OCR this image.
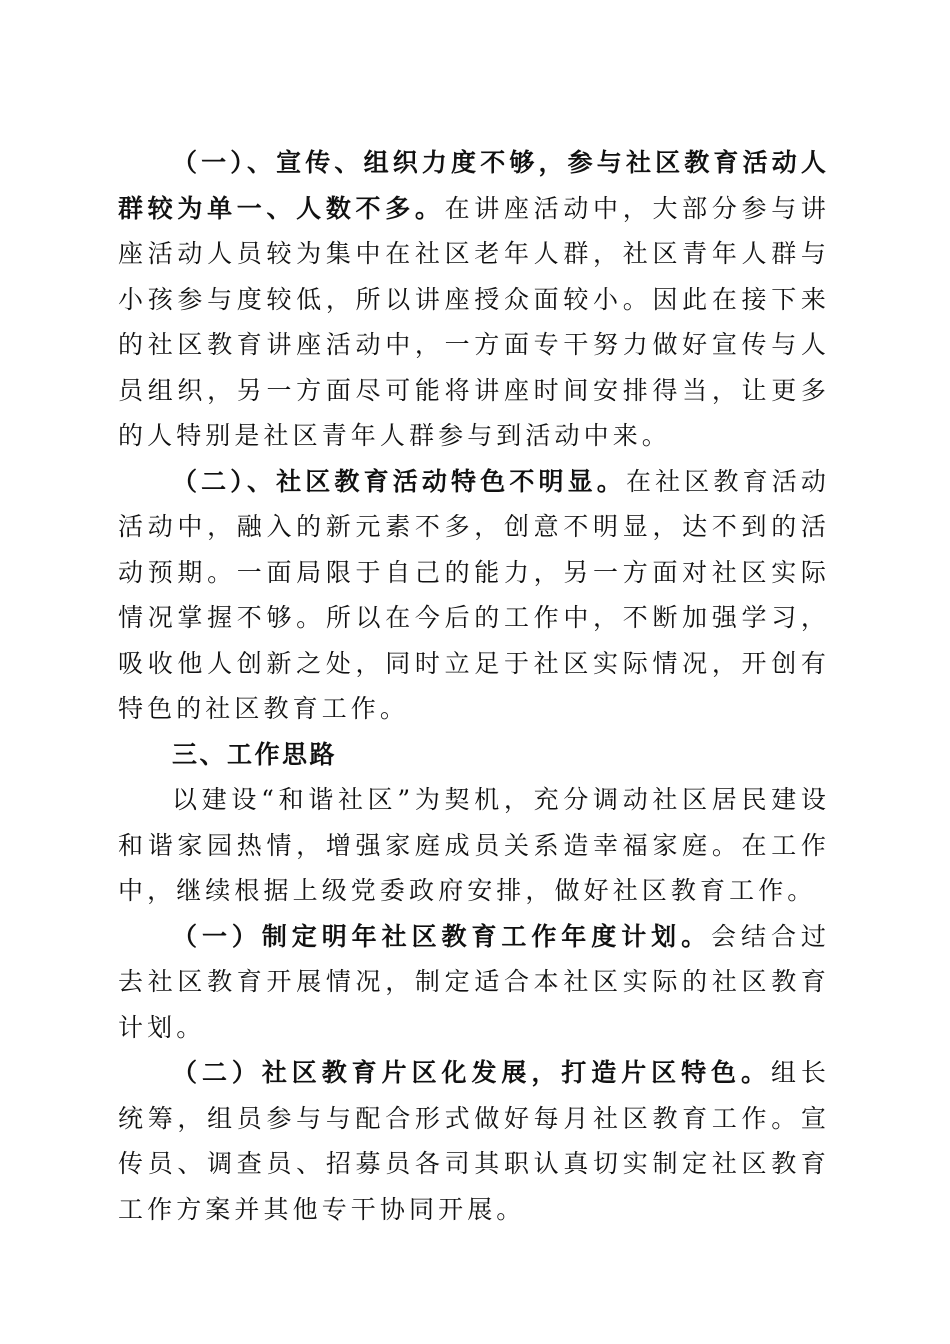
（一）、宣传、组织力度不够，参与社区教育活动人群较为单一、人数不多。在讲座活动中，大部分参与讲座活动人员较为集中在社区老年人群，社区青年人群与小孩参与度较低，所以讲座授众面较小。因此在接下来的社区教育讲座活动中，一方面专干努力做好宣传与人员组织，另一方面尽可能将讲座时间安排得当，让更多的人特别是社区青年人群参与到活动中来。

（二）、社区教育活动特色不明显。在社区教育活动活动中，融入的新元素不多，创意不明显，达不到的活动预期。一面局限于自己的能力，另一方面对社区实际情况掌握不够。所以在今后的工作中，不断加强学习，吸收他人创新之处，同时立足于社区实际情况，开创有特色的社区教育工作。

三、工作思路

以建设“和谐社区”为契机，充分调动社区居民建设和谐家园热情，增强家庭成员关系造幸福家庭。在工作中，继续根据上级党委政府安排，做好社区教育工作。

（一）制定明年社区教育工作年度计划。会结合过去社区教育开展情况，制定适合本社区实际的社区教育计划。

（二）社区教育片区化发展，打造片区特色。组长统筹，组员参与与配合形式做好每月社区教育工作。宣传员、调查员、招募员各司其职认真切实制定社区教育工作方案并其他专干协同开展。
